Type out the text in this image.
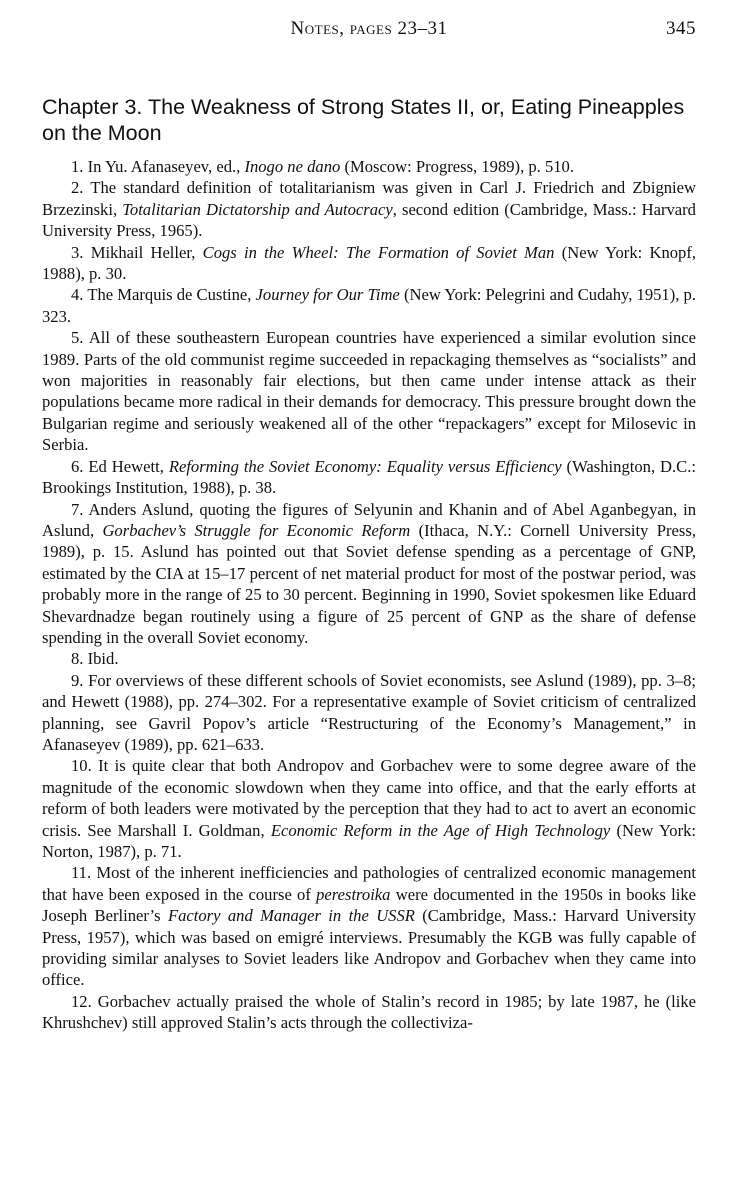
Notes, pages 23–31	345
Chapter 3. The Weakness of Strong States II, or, Eating Pineapples on the Moon

1. In Yu. Afanaseyev, ed., Inogo ne dano (Moscow: Progress, 1989), p. 510.

2. The standard definition of totalitarianism was given in Carl J. Friedrich and Zbigniew Brzezinski, Totalitarian Dictatorship and Autocracy, second edition (Cambridge, Mass.: Harvard University Press, 1965).

3. Mikhail Heller, Cogs in the Wheel: The Formation of Soviet Man (New York: Knopf, 1988), p. 30.

4. The Marquis de Custine, Journey for Our Time (New York: Pelegrini and Cudahy, 1951), p. 323.

5. All of these southeastern European countries have experienced a similar evolution since 1989. Parts of the old communist regime succeeded in repackaging themselves as “socialists” and won majorities in reasonably fair elections, but then came under intense attack as their populations became more radical in their demands for democracy. This pressure brought down the Bulgarian regime and seriously weakened all of the other “repackagers” except for Milosevic in Serbia.

6. Ed Hewett, Reforming the Soviet Economy: Equality versus Efficiency (Washington, D.C.: Brookings Institution, 1988), p. 38.

7. Anders Aslund, quoting the figures of Selyunin and Khanin and of Abel Aganbegyan, in Aslund, Gorbachev’s Struggle for Economic Reform (Ithaca, N.Y.: Cornell University Press, 1989), p. 15. Aslund has pointed out that Soviet defense spending as a percentage of GNP, estimated by the CIA at 15–17 percent of net material product for most of the postwar period, was probably more in the range of 25 to 30 percent. Beginning in 1990, Soviet spokesmen like Eduard Shevardnadze began routinely using a figure of 25 percent of GNP as the share of defense spending in the overall Soviet economy.

8. Ibid.

9. For overviews of these different schools of Soviet economists, see Aslund (1989), pp. 3–8; and Hewett (1988), pp. 274–302. For a representative example of Soviet criticism of centralized planning, see Gavril Popov’s article “Restructuring of the Economy’s Management,” in Afanaseyev (1989), pp. 621–633.

10. It is quite clear that both Andropov and Gorbachev were to some degree aware of the magnitude of the economic slowdown when they came into office, and that the early efforts at reform of both leaders were motivated by the perception that they had to act to avert an economic crisis. See Marshall I. Goldman, Economic Reform in the Age of High Technology (New York: Norton, 1987), p. 71.

11. Most of the inherent inefficiencies and pathologies of centralized economic management that have been exposed in the course of perestroika were documented in the 1950s in books like Joseph Berliner’s Factory and Manager in the USSR (Cambridge, Mass.: Harvard University Press, 1957), which was based on emigré interviews. Presumably the KGB was fully capable of providing similar analyses to Soviet leaders like Andropov and Gorbachev when they came into office.

12. Gorbachev actually praised the whole of Stalin’s record in 1985; by late 1987, he (like Khrushchev) still approved Stalin’s acts through the collectiviza-
